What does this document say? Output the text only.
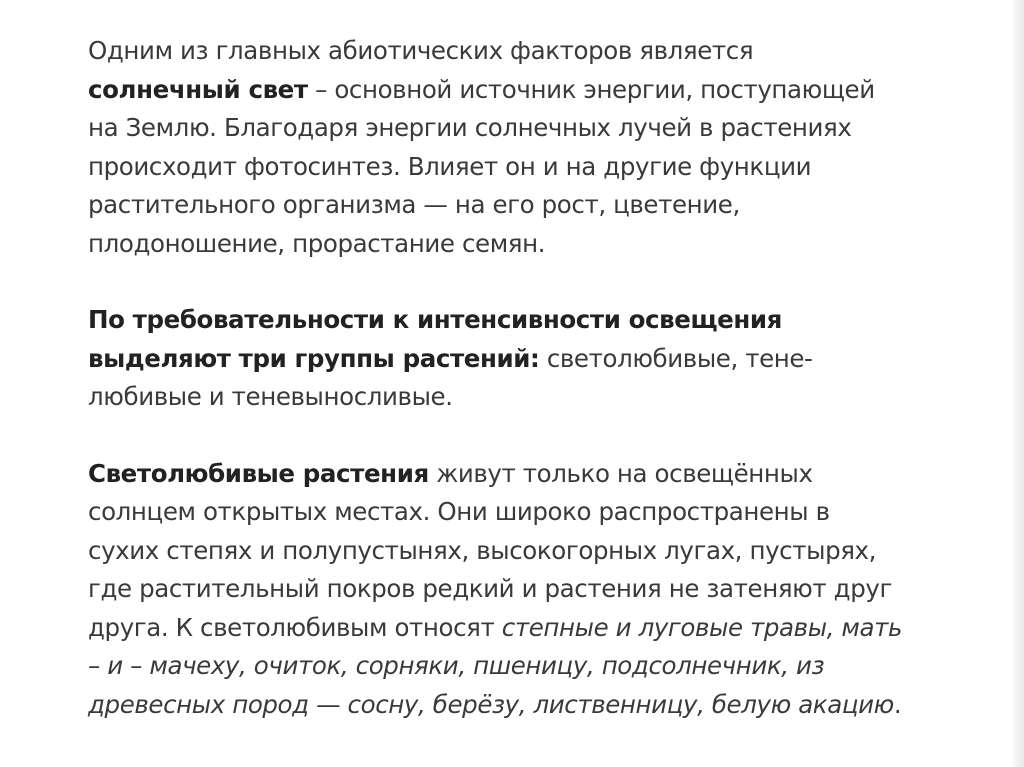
Одним из главных абиотических факторов является
солнечный свет – основной источник энергии, поступающей
на Землю. Благодаря энергии солнечных лучей в растениях
происходит фотосинтез. Влияет он и на другие функции
растительного организма — на его рост, цветение,
плодоношение, прорастание семян.

По требовательности к интенсивности освещения
выделяют три группы растений: светолюбивые, тене-
любивые и теневыносливые.

Светолюбивые растения живут только на освещённых
солнцем открытых местах. Они широко распространены в
сухих степях и полупустынях, высокогорных лугах, пустырях,
где растительный покров редкий и растения не затеняют друг
друга. К светолюбивым относят степные и луговые травы, мать
– и – мачеху, очиток, сорняки, пшеницу, подсолнечник, из
древесных пород — сосну, берёзу, лиственницу, белую акацию.
